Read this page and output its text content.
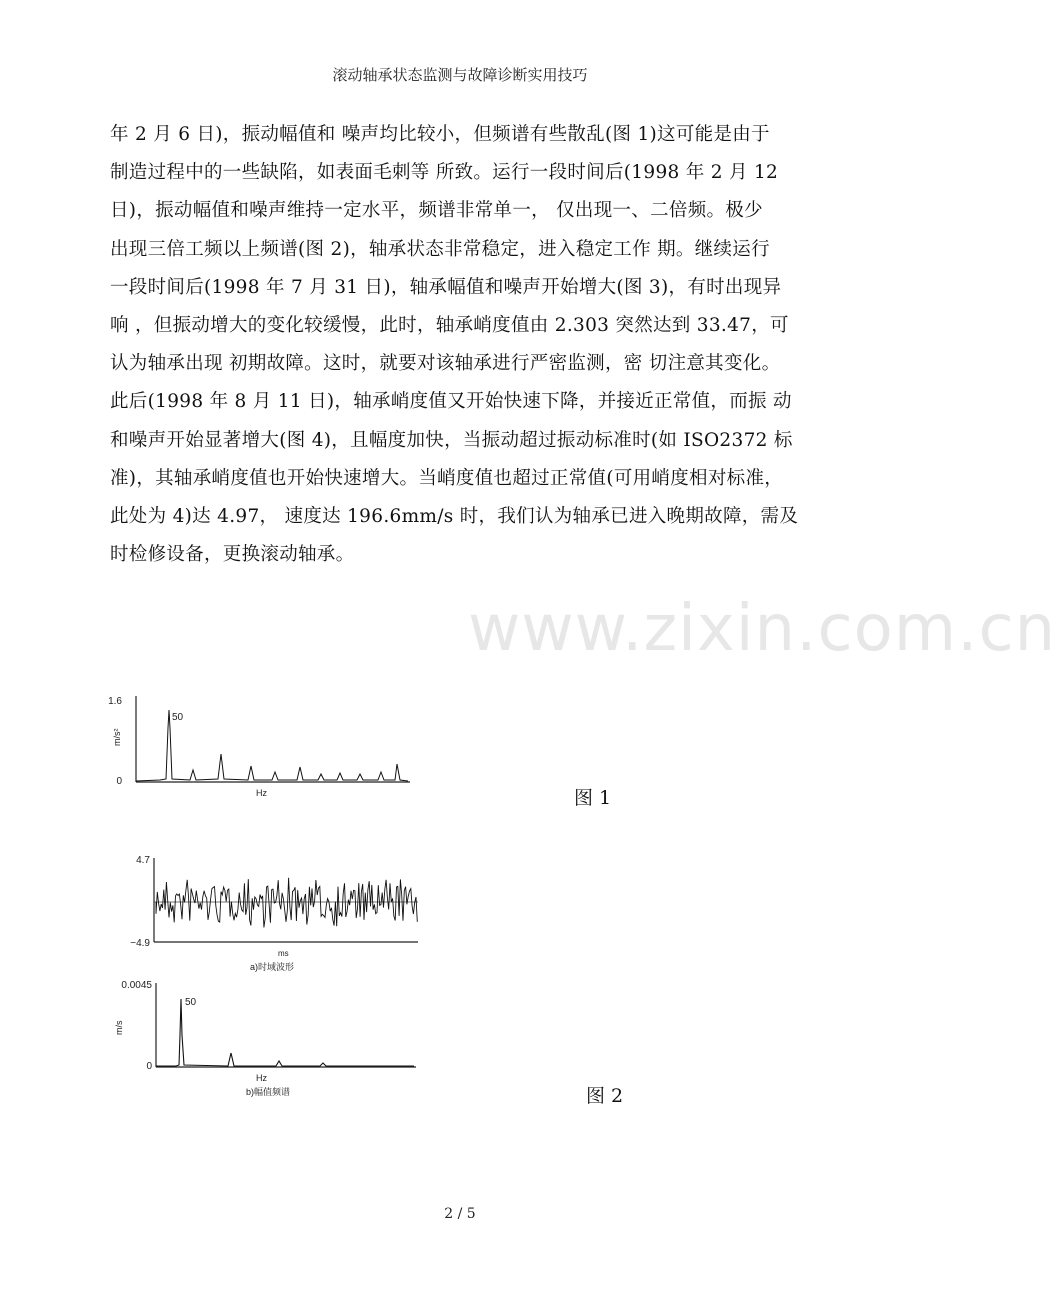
滚动轴承状态监测与故障诊断实用技巧
年 2 月 6 日)，振动幅值和 噪声均比较小，但频谱有些散乱(图 1)这可能是由于
制造过程中的一些缺陷，如表面毛刺等 所致。运行一段时间后(1998 年 2 月 12
日)，振动幅值和噪声维持一定水平，频谱非常单一， 仅出现一、二倍频。极少
出现三倍工频以上频谱(图 2)，轴承状态非常稳定，进入稳定工作 期。继续运行
一段时间后(1998 年 7 月 31 日)，轴承幅值和噪声开始增大(图 3)，有时出现异
响 ，但振动增大的变化较缓慢，此时，轴承峭度值由 2.303 突然达到 33.47，可
认为轴承出现 初期故障。这时，就要对该轴承进行严密监测，密 切注意其变化。
此后(1998 年 8 月 11 日)，轴承峭度值又开始快速下降，并接近正常值，而振 动
和噪声开始显著增大(图 4)，且幅度加快，当振动超过振动标准时(如 ISO2372 标
准)，其轴承峭度值也开始快速增大。当峭度值也超过正常值(可用峭度相对标准，
此处为 4)达 4.97， 速度达 196.6mm/s 时，我们认为轴承已进入晚期故障，需及
时检修设备，更换滚动轴承。
www.zixin.com.cn
1.6
0
m/s²
50
Hz	图 1
4.7
−4.9
ms
a)时域波形
0.0045
0
m/s
50
Hz
b)幅值频谱	图 2
2 / 5
